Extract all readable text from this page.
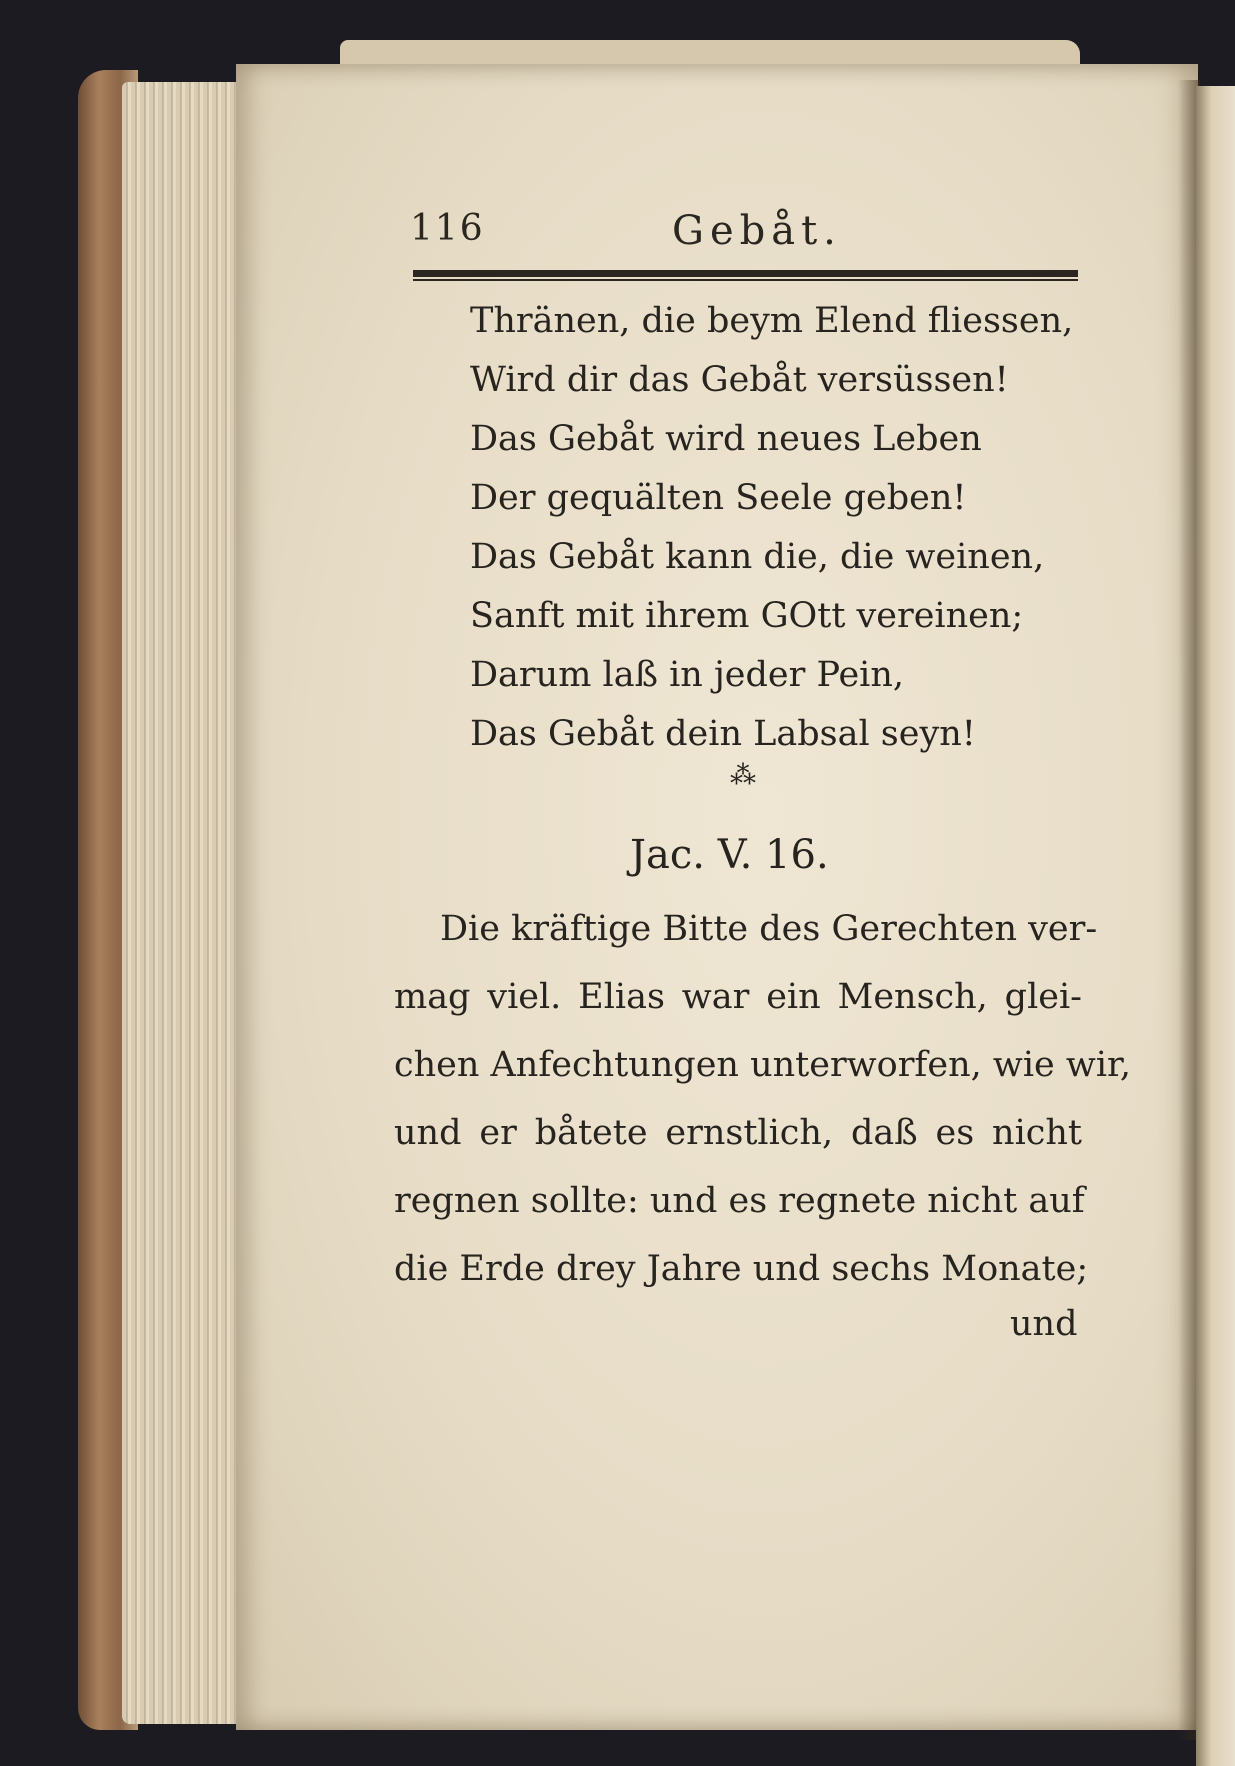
116	Gebåt.
Thränen, die beym Elend fliessen,
Wird dir das Gebåt versüssen!
Das Gebåt wird neues Leben
Der gequälten Seele geben!
Das Gebåt kann die, die weinen,
Sanft mit ihrem GOtt vereinen;
Darum laß in jeder Pein,
Das Gebåt dein Labsal seyn!
⁂
Jac. V. 16.
Die kräftige Bitte des Gerechten ver-
mag viel. Elias war ein Mensch, glei-
chen Anfechtungen unterworfen, wie wir,
und er båtete ernstlich, daß es nicht
regnen sollte: und es regnete nicht auf
die Erde drey Jahre und sechs Monate;
und
